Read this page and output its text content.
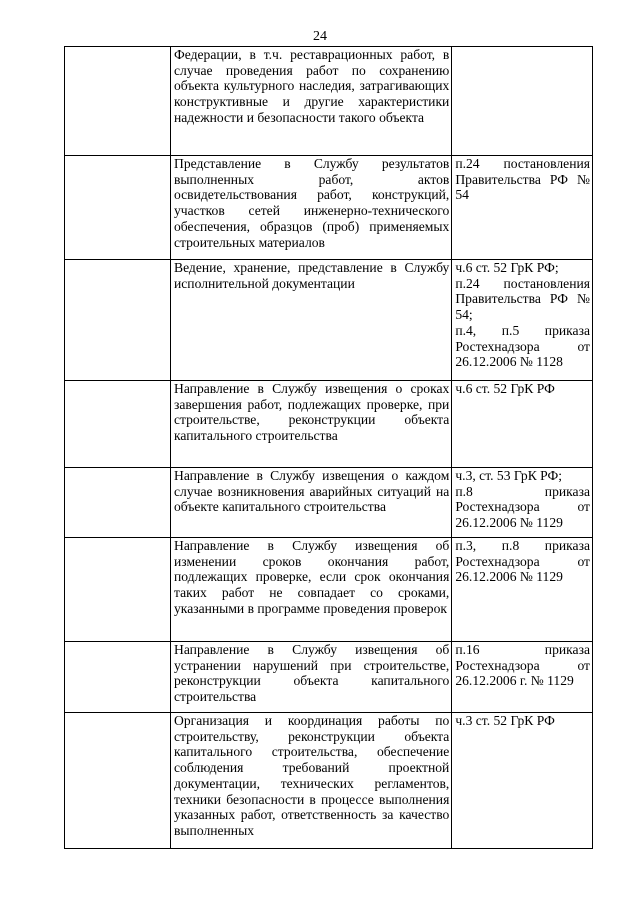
24
	Федерации, в т.ч. реставрационных работ, в случае проведения работ по сохранению объекта культурного наследия, затрагивающих конструктивные и другие характеристики надежности и безопасности такого объекта	
	Представление в Службу результатов выполненных работ, актов освидетельствования работ, конструкций, участков сетей инженерно-технического обеспечения, образцов (проб) применяемых строительных материалов	п.24 постановления Правительства РФ № 54

	Ведение, хранение, представление в Службу исполнительной документации	ч.6 ст. 52 ГрК РФ;
п.24 постановления Правительства РФ № 54;
п.4, п.5 приказа Ростехнадзора от 26.12.2006 № 1128

	Направление в Службу извещения о сроках завершения работ, подлежащих проверке, при строительстве, реконструкции объекта капитального строительства	ч.6 ст. 52 ГрК РФ

	Направление в Службу извещения о каждом случае возникновения аварийных ситуаций на объекте капитального строительства	ч.3, ст. 53 ГрК РФ;
п.8 приказа Ростехнадзора от 26.12.2006 № 1129

	Направление в Службу извещения об изменении сроков окончания работ, подлежащих проверке, если срок окончания таких работ не совпадает со сроками, указанными в программе проведения проверок	п.3, п.8 приказа Ростехнадзора от 26.12.2006 № 1129

	Направление в Службу извещения об устранении нарушений при строительстве, реконструкции объекта капитального строительства	п.16 приказа Ростехнадзора от 26.12.2006 г. № 1129

	Организация и координация работы по строительству, реконструкции объекта капитального строительства, обеспечение соблюдения требований проектной документации, технических регламентов, техники безопасности в процессе выполнения указанных работ, ответственность за качество выполненных	ч.3 ст. 52 ГрК РФ
